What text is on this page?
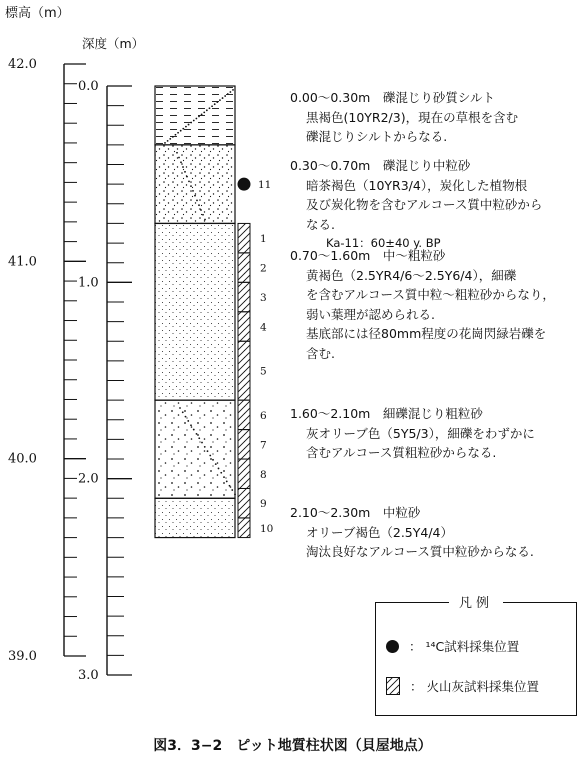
標高（m）
深度（m）
42.0
41.0
40.0
39.0
0.0
1.0
2.0
3.0
1
2
3
4
5
6
7
8
9
10
11
0.00〜0.30m　礫混じり砂質シルト
黒褐色(10YR2/3)，現在の草根を含む
礫混じりシルトからなる.
0.30〜0.70m　礫混じり中粒砂
暗茶褐色（10YR3/4），炭化した植物根
及び炭化物を含むアルコース質中粒砂から
なる.
Ka-11：60±40 y. BP
0.70〜1.60m　中〜粗粒砂
黄褐色（2.5YR4/6〜2.5Y6/4），細礫
を含むアルコース質中粒〜粗粒砂からなり，
弱い葉理が認められる.
基底部には径80mm程度の花崗閃緑岩礫を
含む.
1.60〜2.10m　細礫混じり粗粒砂
灰オリーブ色（5Y5/3），細礫をわずかに
含むアルコース質粗粒砂からなる.
2.10〜2.30m　中粒砂
オリーブ褐色（2.5Y4/4）
淘汰良好なアルコース質中粒砂からなる.
凡例
： ¹⁴C試料採集位置
： 火山灰試料採集位置
図3．3−2　ピット地質柱状図（貝屋地点）
